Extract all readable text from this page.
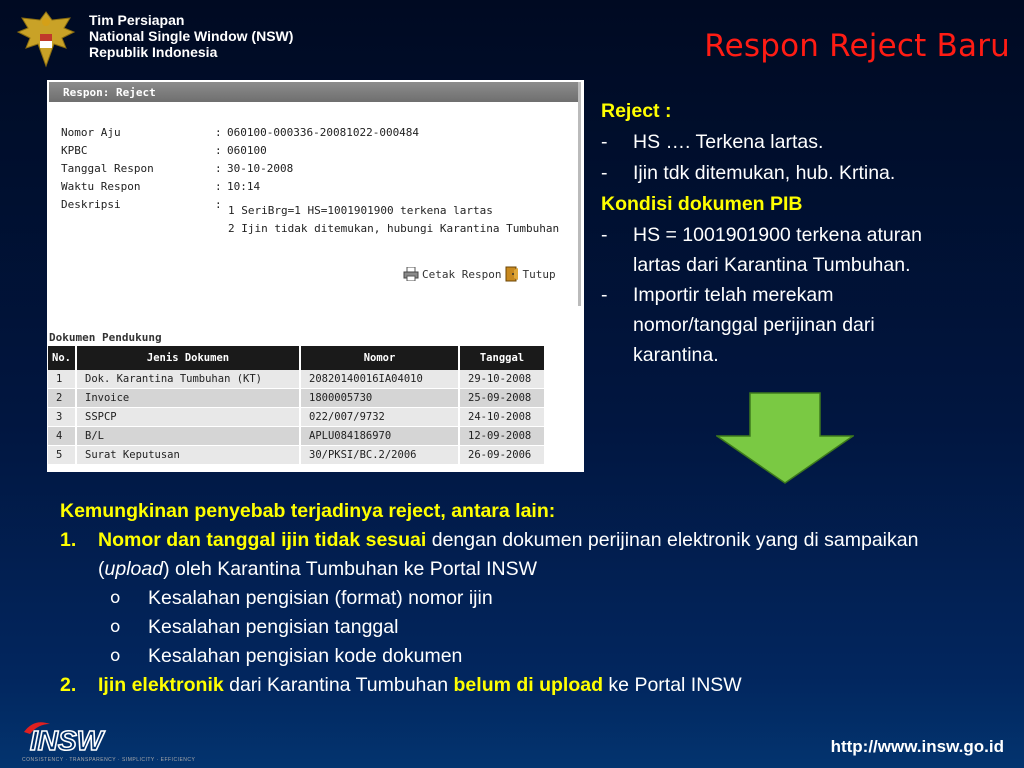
Tim Persiapan
National Single Window (NSW)
Republik Indonesia	Respon Reject Baru
Respon: Reject
Nomor Aju	: 060100-000336-20081022-000484
KPBC	: 060100
Tanggal Respon	: 30-10-2008
Waktu Respon	: 10:14
Deskripsi	: 1 SeriBrg=1 HS=1001901900 terkena lartas
2 Ijin tidak ditemukan, hubungi Karantina Tumbuhan
Cetak Respon Tutup
Dokumen Pendukung
No.	Jenis Dokumen	Nomor	Tanggal
1	Dok. Karantina Tumbuhan (KT)	20820140016IA04010	29-10-2008
2	Invoice	1800005730	25-09-2008
3	SSPCP	022/007/9732	24-10-2008
4	B/L	APLU084186970	12-09-2008
5	Surat Keputusan	30/PKSI/BC.2/2006	26-09-2006
Reject :
-	HS …. Terkena lartas.
-	Ijin tdk ditemukan, hub. Krtina.
Kondisi dokumen PIB
-	HS = 1001901900 terkena aturan lartas dari Karantina Tumbuhan.
-	Importir telah merekam nomor/tanggal perijinan dari karantina.
Kemungkinan penyebab terjadinya reject, antara lain:
1.	Nomor dan tanggal ijin tidak sesuai dengan dokumen perijinan elektronik yang di sampaikan (upload) oleh Karantina Tumbuhan ke Portal INSW
o	Kesalahan pengisian (format) nomor ijin
o	Kesalahan pengisian tanggal
o	Kesalahan pengisian kode dokumen
2.	Ijin elektronik dari Karantina Tumbuhan belum di upload ke Portal INSW
INSW
CONSISTENCY · TRANSPARENCY · SIMPLICITY · EFFICIENCY
http://www.insw.go.id
